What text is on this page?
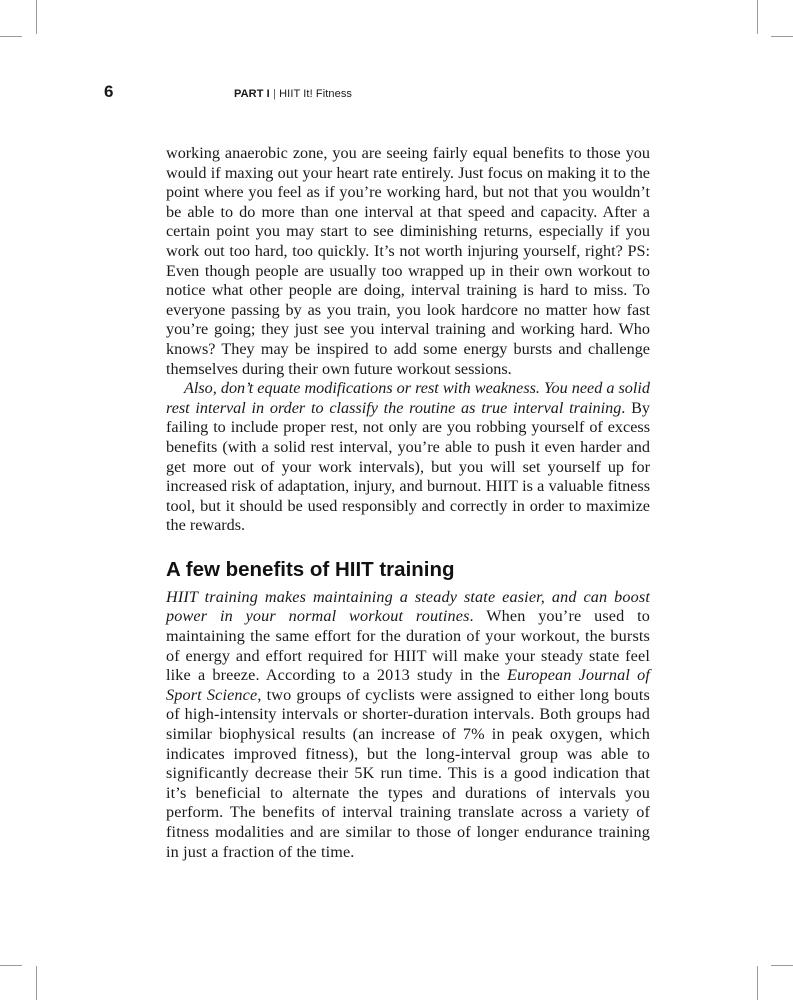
6	PART I | HIIT It! Fitness

working anaerobic zone, you are seeing fairly equal benefits to those you would if maxing out your heart rate entirely. Just focus on making it to the point where you feel as if you’re working hard, but not that you wouldn’t be able to do more than one interval at that speed and capacity. After a certain point you may start to see diminishing returns, especially if you work out too hard, too quickly. It’s not worth injuring yourself, right? PS: Even though people are usually too wrapped up in their own workout to notice what other people are doing, interval training is hard to miss. To everyone passing by as you train, you look hardcore no matter how fast you’re going; they just see you interval training and working hard. Who knows? They may be inspired to add some energy bursts and challenge themselves during their own future workout sessions.

Also, don’t equate modifications or rest with weakness. You need a solid rest interval in order to classify the routine as true interval training. By failing to include proper rest, not only are you robbing yourself of excess benefits (with a solid rest interval, you’re able to push it even harder and get more out of your work intervals), but you will set yourself up for increased risk of adaptation, injury, and burnout. HIIT is a valuable fitness tool, but it should be used responsibly and correctly in order to maximize the rewards.

A few benefits of HIIT training

HIIT training makes maintaining a steady state easier, and can boost power in your normal workout routines. When you’re used to maintaining the same effort for the duration of your workout, the bursts of energy and effort required for HIIT will make your steady state feel like a breeze. According to a 2013 study in the European Journal of Sport Science, two groups of cyclists were assigned to either long bouts of high-intensity intervals or shorter-duration intervals. Both groups had similar biophysical results (an increase of 7% in peak oxygen, which indicates improved fitness), but the long-interval group was able to significantly decrease their 5K run time. This is a good indication that it’s beneficial to alternate the types and durations of intervals you perform. The benefits of interval training translate across a variety of fitness modalities and are similar to those of longer endurance training in just a fraction of the time.
